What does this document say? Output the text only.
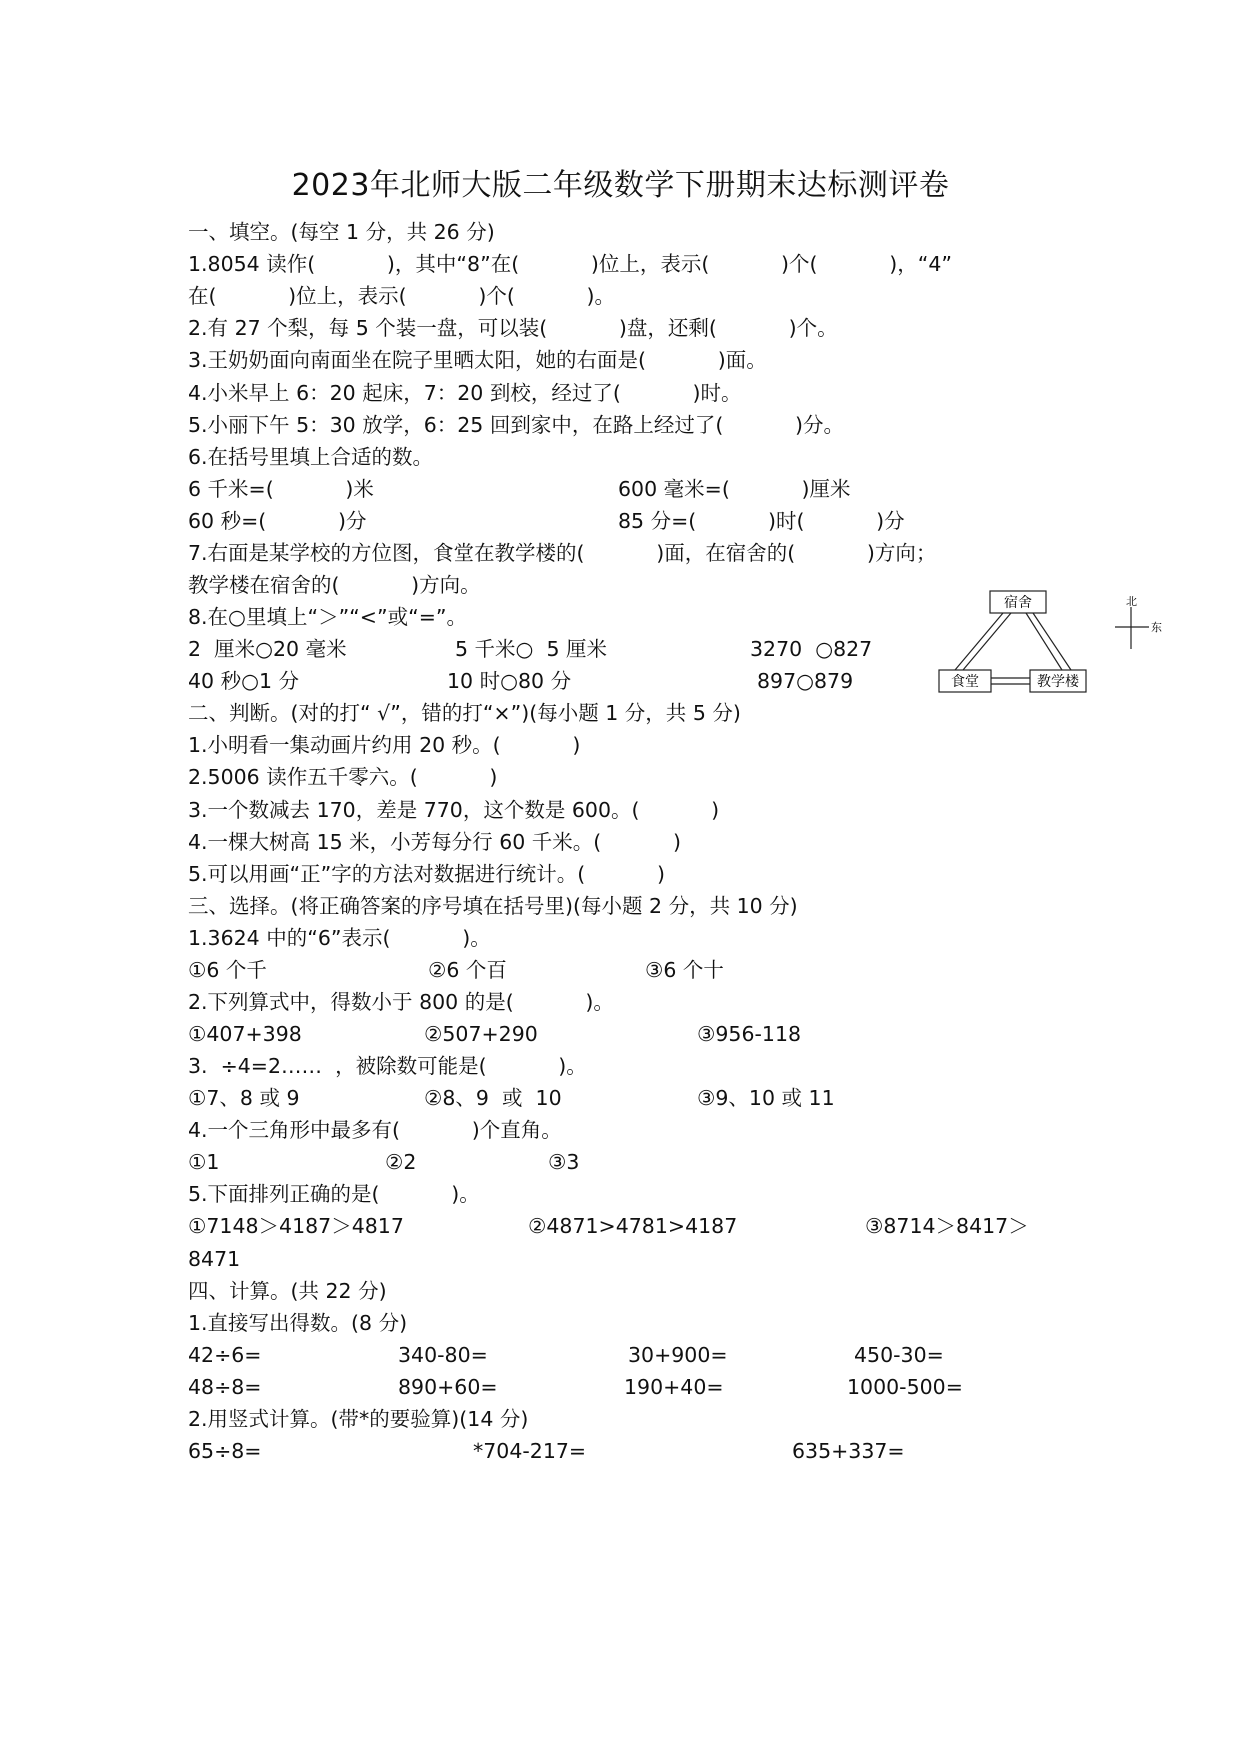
2023年北师大版二年级数学下册期末达标测评卷
一、填空。(每空 1 分，共 26 分)
1.8054 读作(           )，其中“8”在(           )位上，表示(           )个(           )，“4”
在(           )位上，表示(           )个(           )。
2.有 27 个梨，每 5 个装一盘，可以装(           )盘，还剩(           )个。
3.王奶奶面向南面坐在院子里晒太阳，她的右面是(           )面。
4.小米早上 6：20 起床，7：20 到校，经过了(           )时。
5.小丽下午 5：30 放学，6：25 回到家中，在路上经过了(           )分。
6.在括号里填上合适的数。
6 千米=(           )米	600 毫米=(           )厘米
60 秒=(           )分	85 分=(           )时(           )分
7.右面是某学校的方位图，食堂在教学楼的(           )面，在宿舍的(           )方向；
教学楼在宿舍的(           )方向。
8.在○里填上“＞”“<”或“=”。
2  厘米○20 毫米	5 千米○  5 厘米	3270  ○827
40 秒○1 分	10 时○80 分	897○879
宿舍
食堂	教学楼
北
东
二、判断。(对的打“ √”，错的打“×”)(每小题 1 分，共 5 分)
1.小明看一集动画片约用 20 秒。(           )
2.5006 读作五千零六。(           )
3.一个数减去 170，差是 770，这个数是 600。(           )
4.一棵大树高 15 米，小芳每分行 60 千米。(           )
5.可以用画“正”字的方法对数据进行统计。(           )
三、选择。(将正确答案的序号填在括号里)(每小题 2 分，共 10 分)
1.3624 中的“6”表示(           )。
①6 个千	②6 个百	③6 个十
2.下列算式中，得数小于 800 的是(           )。
①407+398	②507+290	③956-118
3.  ÷4=2……  ，被除数可能是(           )。
①7、8 或 9	②8、9  或  10	③9、10 或 11
4.一个三角形中最多有(           )个直角。
①1	②2	③3
5.下面排列正确的是(           )。
①7148＞4187＞4817	②4871>4781>4187	③8714＞8417＞
8471
四、计算。(共 22 分)
1.直接写出得数。(8 分)
42÷6=	340-80=	30+900=	450-30=
48÷8=	890+60=	190+40=	1000-500=
2.用竖式计算。(带*的要验算)(14 分)
65÷8=	*704-217=	635+337=
